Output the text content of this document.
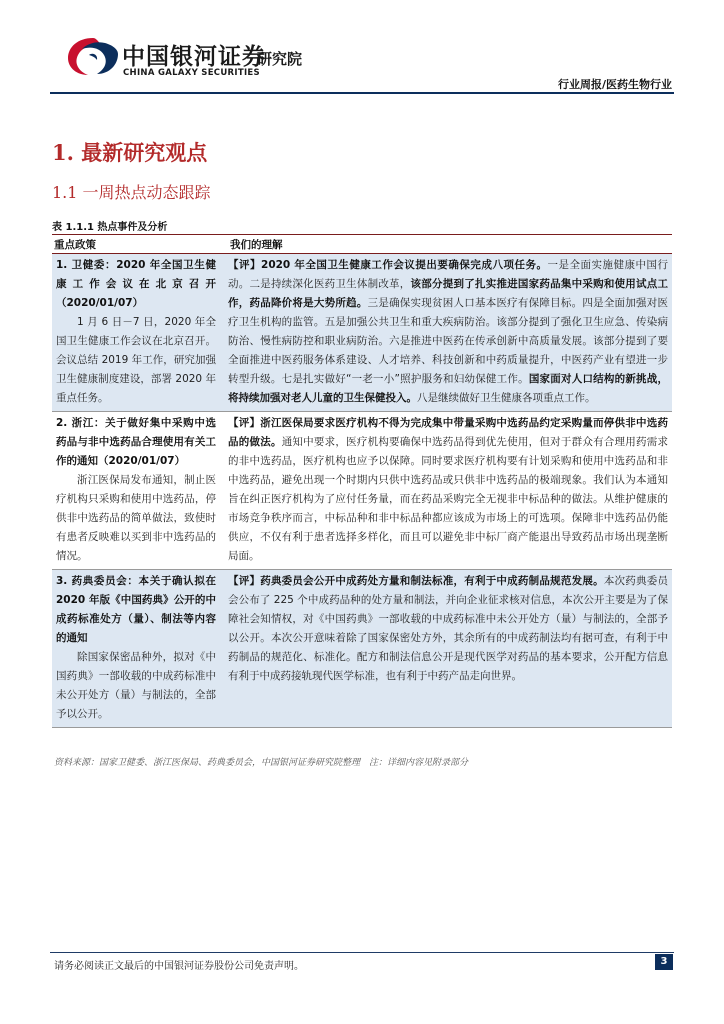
中国银河证券
CHINA GALAXY SECURITIES
研究院
行业周报/医药生物行业
1. 最新研究观点
1.1 一周热点动态跟踪
表 1.1.1 热点事件及分析
重点政策	我们的理解
1. 卫健委：2020 年全国卫生健康工作会议在北京召开（2020/01/07）
1 月 6 日－7 日，2020 年全国卫生健康工作会议在北京召开。会议总结 2019 年工作，研究加强卫生健康制度建设，部署 2020 年重点任务。
【评】2020 年全国卫生健康工作会议提出要确保完成八项任务。一是全面实施健康中国行动。二是持续深化医药卫生体制改革，该部分提到了扎实推进国家药品集中采购和使用试点工作，药品降价将是大势所趋。三是确保实现贫困人口基本医疗有保障目标。四是全面加强对医疗卫生机构的监管。五是加强公共卫生和重大疾病防治。该部分提到了强化卫生应急、传染病防治、慢性病防控和职业病防治。六是推进中医药在传承创新中高质量发展。该部分提到了要全面推进中医药服务体系建设、人才培养、科技创新和中药质量提升，中医药产业有望进一步转型升级。七是扎实做好“一老一小”照护服务和妇幼保健工作。国家面对人口结构的新挑战，将持续加强对老人儿童的卫生保健投入。八是继续做好卫生健康各项重点工作。
2. 浙江：关于做好集中采购中选药品与非中选药品合理使用有关工作的通知（2020/01/07）
浙江医保局发布通知，制止医疗机构只采购和使用中选药品，停供非中选药品的简单做法，致使时有患者反映难以买到非中选药品的情况。
【评】浙江医保局要求医疗机构不得为完成集中带量采购中选药品约定采购量而停供非中选药品的做法。通知中要求，医疗机构要确保中选药品得到优先使用，但对于群众有合理用药需求的非中选药品，医疗机构也应予以保障。同时要求医疗机构要有计划采购和使用中选药品和非中选药品，避免出现一个时期内只供中选药品或只供非中选药品的极端现象。我们认为本通知旨在纠正医疗机构为了应付任务量，而在药品采购完全无视非中标品种的做法。从维护健康的市场竞争秩序而言，中标品种和非中标品种都应该成为市场上的可选项。保障非中选药品仍能供应，不仅有利于患者选择多样化，而且可以避免非中标厂商产能退出导致药品市场出现垄断局面。
3. 药典委员会：本关于确认拟在 2020 年版《中国药典》公开的中成药标准处方（量）、制法等内容的通知
除国家保密品种外，拟对《中国药典》一部收载的中成药标准中未公开处方（量）与制法的，全部予以公开。
【评】药典委员会公开中成药处方量和制法标准，有利于中成药制品规范发展。本次药典委员会公布了 225 个中成药品种的处方量和制法，并向企业征求核对信息，本次公开主要是为了保障社会知情权，对《中国药典》一部收载的中成药标准中未公开处方（量）与制法的，全部予以公开。本次公开意味着除了国家保密处方外，其余所有的中成药制法均有据可查，有利于中药制品的规范化、标准化。配方和制法信息公开是现代医学对药品的基本要求，公开配方信息有利于中成药接轨现代医学标准，也有利于中药产品走向世界。
资料来源：国家卫健委、浙江医保局、药典委员会，中国银河证券研究院整理　注：详细内容见附录部分
请务必阅读正文最后的中国银河证券股份公司免责声明。	3
